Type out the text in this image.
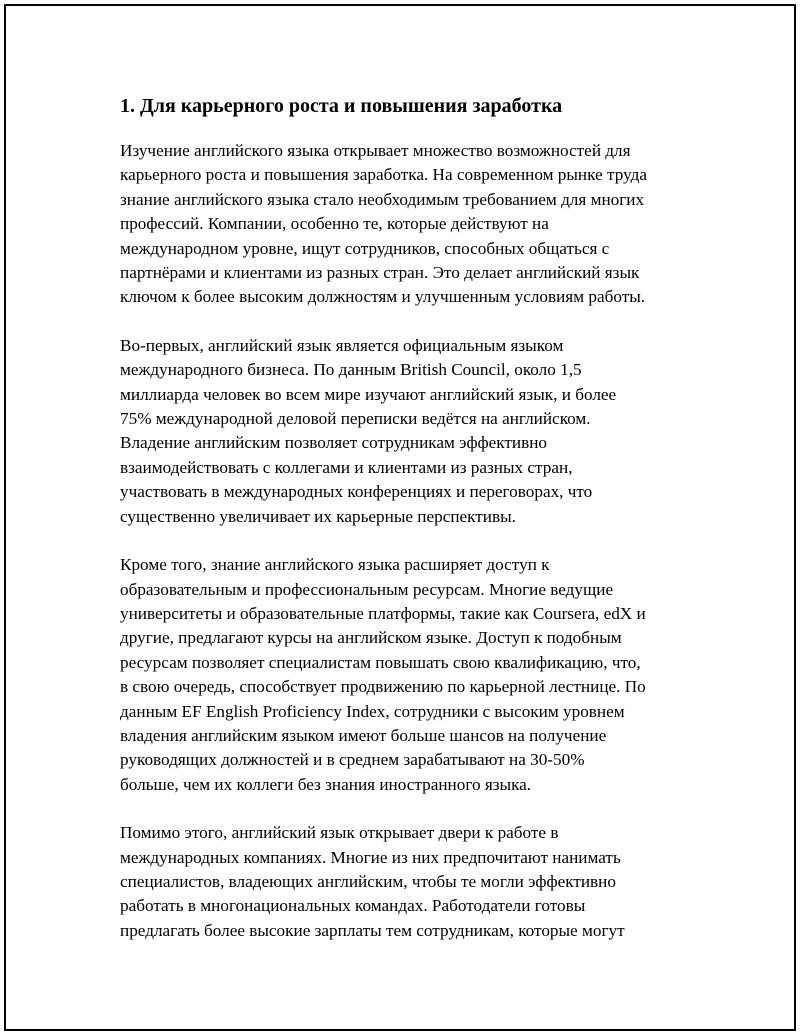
1. Для карьерного роста и повышения заработка

Изучение английского языка открывает множество возможностей для
карьерного роста и повышения заработка. На современном рынке труда
знание английского языка стало необходимым требованием для многих
профессий. Компании, особенно те, которые действуют на
международном уровне, ищут сотрудников, способных общаться с
партнёрами и клиентами из разных стран. Это делает английский язык
ключом к более высоким должностям и улучшенным условиям работы.

Во-первых, английский язык является официальным языком
международного бизнеса. По данным British Council, около 1,5
миллиарда человек во всем мире изучают английский язык, и более
75% международной деловой переписки ведётся на английском.
Владение английским позволяет сотрудникам эффективно
взаимодействовать с коллегами и клиентами из разных стран,
участвовать в международных конференциях и переговорах, что
существенно увеличивает их карьерные перспективы.

Кроме того, знание английского языка расширяет доступ к
образовательным и профессиональным ресурсам. Многие ведущие
университеты и образовательные платформы, такие как Coursera, edX и
другие, предлагают курсы на английском языке. Доступ к подобным
ресурсам позволяет специалистам повышать свою квалификацию, что,
в свою очередь, способствует продвижению по карьерной лестнице. По
данным EF English Proficiency Index, сотрудники с высоким уровнем
владения английским языком имеют больше шансов на получение
руководящих должностей и в среднем зарабатывают на 30-50%
больше, чем их коллеги без знания иностранного языка.

Помимо этого, английский язык открывает двери к работе в
международных компаниях. Многие из них предпочитают нанимать
специалистов, владеющих английским, чтобы те могли эффективно
работать в многонациональных командах. Работодатели готовы
предлагать более высокие зарплаты тем сотрудникам, которые могут
